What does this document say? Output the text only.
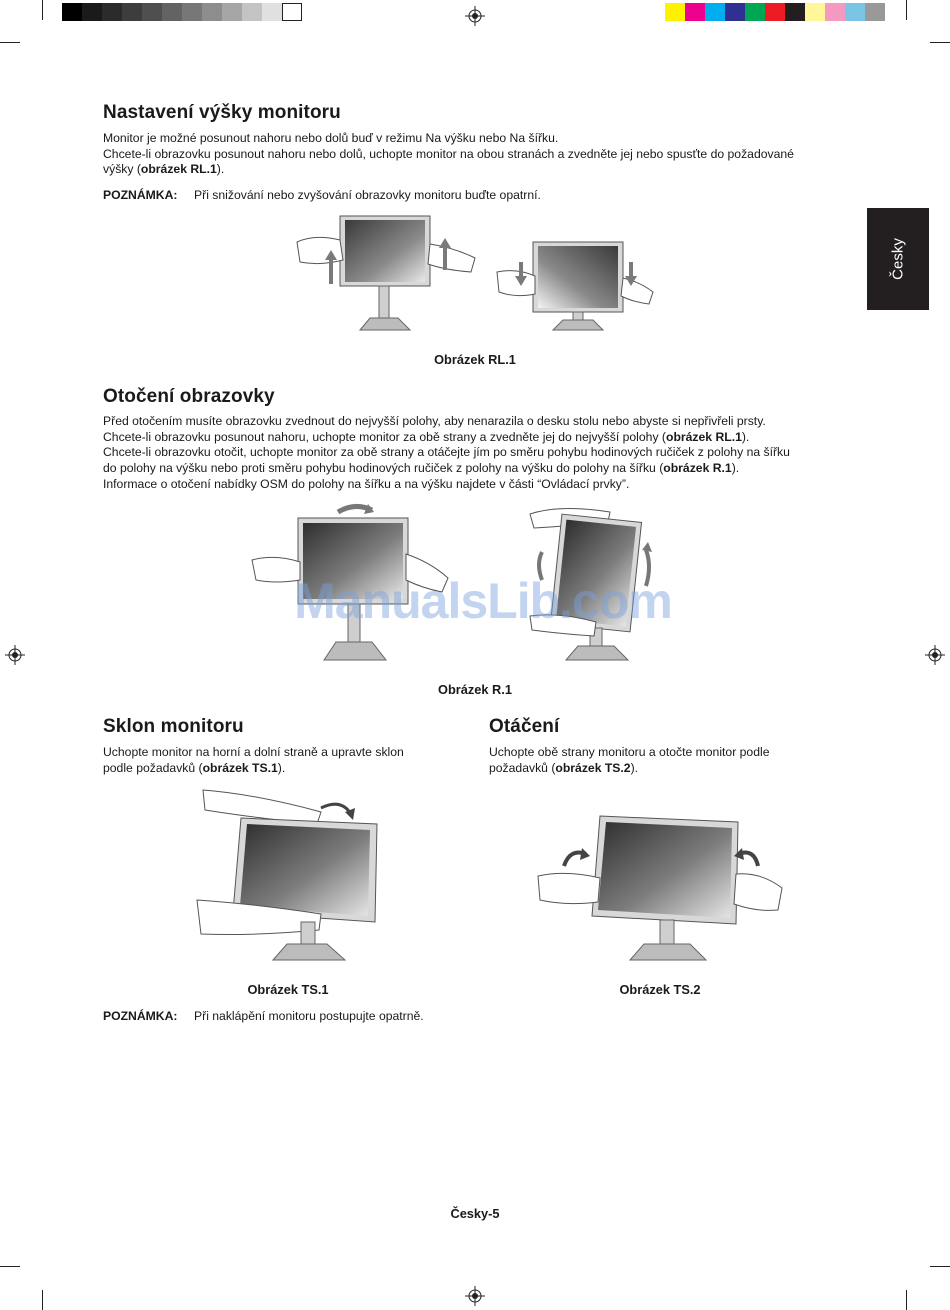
Česky
Nastavení výšky monitoru
Monitor je možné posunout nahoru nebo dolů buď v režimu Na výšku nebo Na šířku.
Chcete-li obrazovku posunout nahoru nebo dolů, uchopte monitor na obou stranách a zvedněte jej nebo spusťte do požadované
výšky (obrázek RL.1).
POZNÁMKA: Při snižování nebo zvyšování obrazovky monitoru buďte opatrní.
Obrázek RL.1
Otočení obrazovky
Před otočením musíte obrazovku zvednout do nejvyšší polohy, aby nenarazila o desku stolu nebo abyste si nepřivřeli prsty.
Chcete-li obrazovku posunout nahoru, uchopte monitor za obě strany a zvedněte jej do nejvyšší polohy (obrázek RL.1).
Chcete-li obrazovku otočit, uchopte monitor za obě strany a otáčejte jím po směru pohybu hodinových ručiček z polohy na šířku
do polohy na výšku nebo proti směru pohybu hodinových ručiček z polohy na výšku do polohy na šířku (obrázek R.1).
Informace o otočení nabídky OSM do polohy na šířku a na výšku najdete v části “Ovládací prvky”.
ManualsLib.com
Obrázek R.1
Sklon monitoru
Uchopte monitor na horní a dolní straně a upravte sklon
podle požadavků (obrázek TS.1).
Otáčení
Uchopte obě strany monitoru a otočte monitor podle
požadavků (obrázek TS.2).
Obrázek TS.1	Obrázek TS.2
POZNÁMKA: Při naklápění monitoru postupujte opatrně.
Česky-5
